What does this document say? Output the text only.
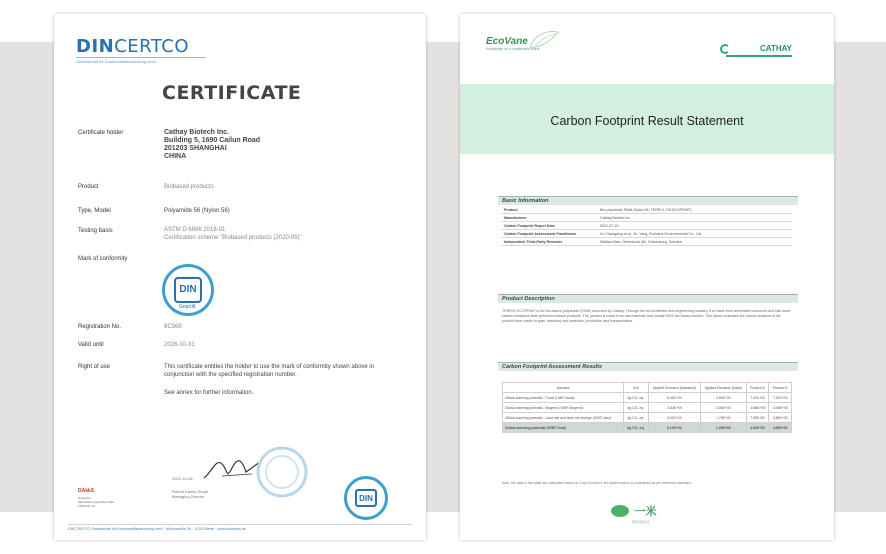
DINCERTCO
Gesellschaft für Konformitätsbewertung mbH
CERTIFICATE
Certificate holder	Cathay Biotech Inc.
Building 5, 1690 Cailun Road
201203 SHANGHAI
CHINA
Product	Biobased products
Type, Model	Polyamide 56 (Nylon 56)
Testing basis	ASTM D 6866:2018-01
Certification scheme "Biobased products (2020-05)"
Mark of conformity
DIN
Geprüft
Registration No.	8C568
Valid until	2026-10-31
Right of use	This certificate entitles the holder to use the mark of conformity shown above in
conjunction with the specified registration number.
See annex for further information.
2022-10-28
Robert Kaiser-Singh
Managing Director
DAkkS
Deutsche Akkreditierungsstelle D-ZE-12026-01-00
DIN
DIN CERTCO Gesellschaft für Konformitätsbewertung mbH · Alboinstraße 56 · 12103 Berlin · www.dincertco.de
EcoVane
Knowledge for a sustainable world	CATHAY
Carbon Footprint Result Statement
Basic Information
Product	Bio-polyamide PA56 (Nylon 56, TERRYL-TM ECOPRINT)
Manufacturer	Cathay Biotech Inc.
Carbon Footprint Report Date	2021-07-15
Carbon Footprint Assessment Practitioner	Xu Changqing et al., Dr. Yang, EcoVane Environmental Co., Ltd
Independent Third-Party Reviewer	Mattias Ahss, Greenhook AB, Gothenburg, Sweden
Product Description
TERRYL ECOPRINT is the bio-based polyamide (PA56) launched by Cathay. Through the bio-ecotextile and engineering industry, it is made from renewable resources and has lower carbon emissions than petroleum-based products. The product is made from raw materials that contain 50% bio-based content. This report evaluates the carbon footprint of the product from cradle to gate, including raw materials, production and transportation.
Carbon Footprint Assessment Results
Indicator	Unit	Applied Emission (biobased)	Applied Emission (fossil)	Product A	Product B
Global warming potential - Fossil (GWP-fossil)	kg CO₂ eq.	8.46E+00	3.80E+00	7.51E+00	7.30E+00
Global warming potential - Biogenic (GWP-biogenic)	kg CO₂ eq.	-3.63E+00	3.80E+00	-5.58E+00	-3.58E+00
Global warming potential - Land use and land use change (GWP-luluc)	kg CO₂ eq.	6.91E+00	1.79E+00	7.89E+00	3.89E+00
Global warming potential (GWP-Total)	kg CO₂ eq.	6.14E+00	1.02E+00	4.62E+00	4.68E+00
Note: the data in this table are calculated based on 1 kg of product; bio-based carbon is considered as per reference standard.
一米
碳足迹认证
